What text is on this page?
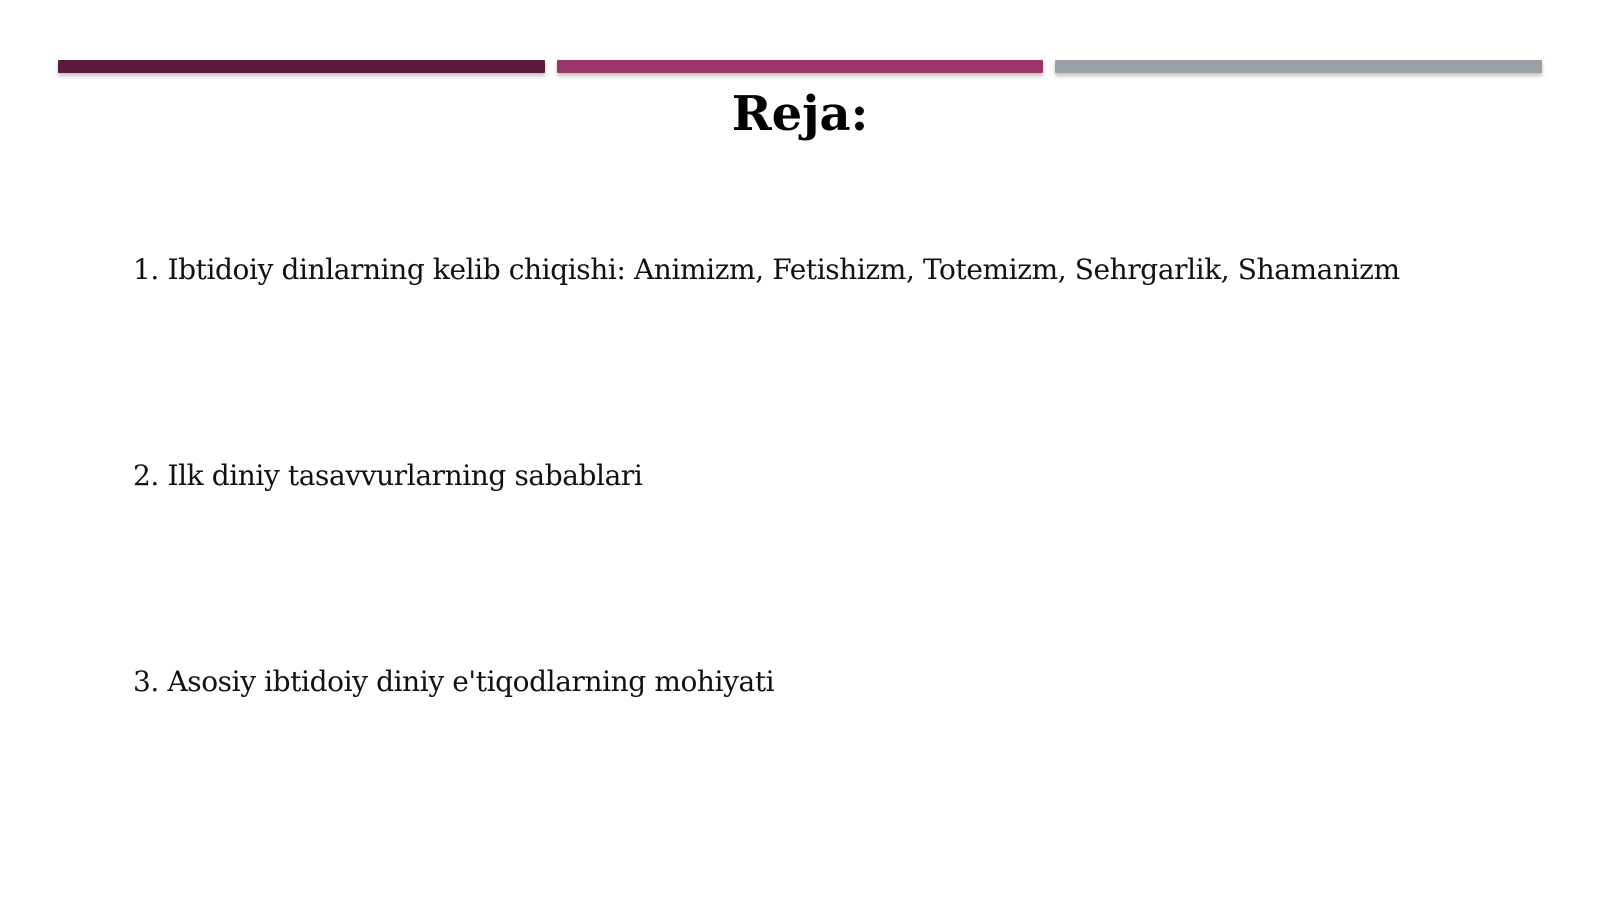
Reja:
1. Ibtidoiy dinlarning kelib chiqishi: Animizm, Fetishizm, Totemizm, Sehrgarlik, Shamanizm
2. Ilk diniy tasavvurlarning sabablari
3. Asosiy ibtidoiy diniy e'tiqodlarning mohiyati
